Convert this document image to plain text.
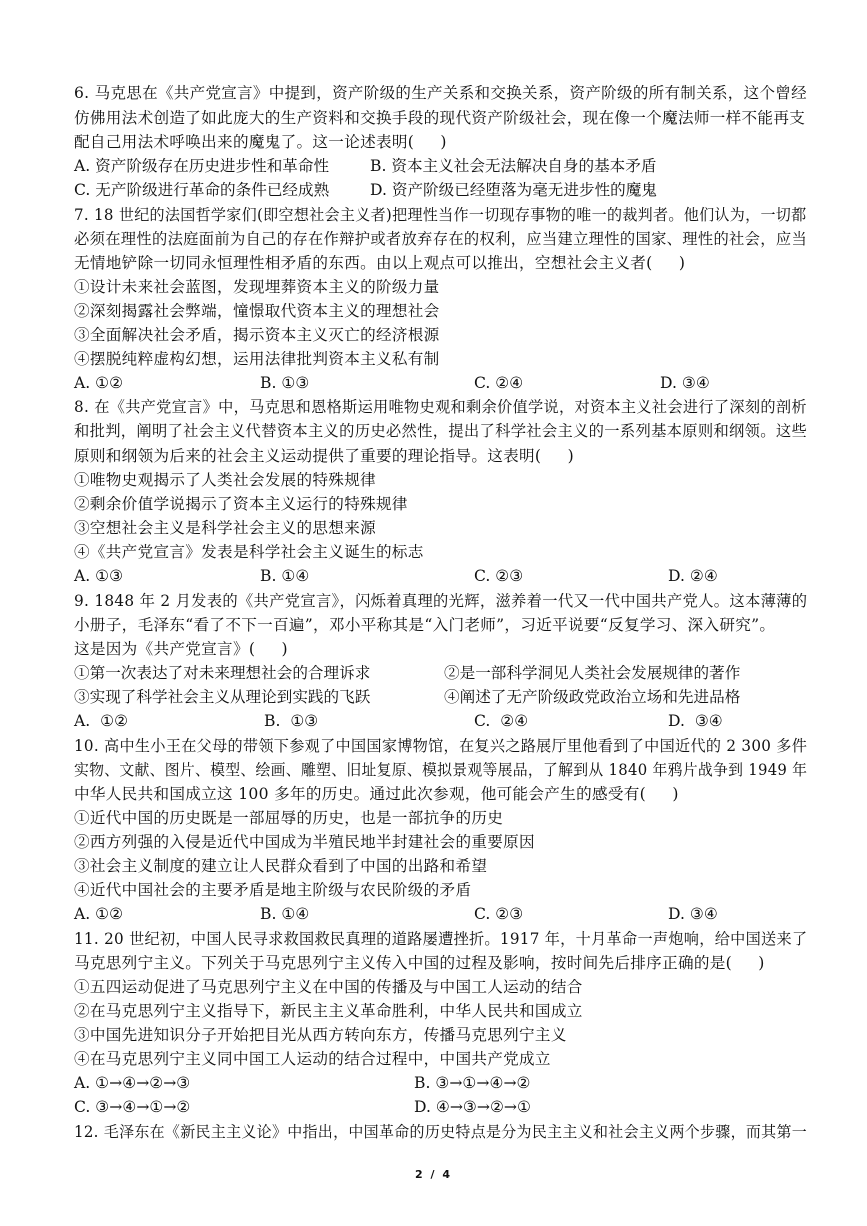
6. 马克思在《共产党宣言》中提到，资产阶级的生产关系和交换关系，资产阶级的所有制关系，这个曾经
仿佛用法术创造了如此庞大的生产资料和交换手段的现代资产阶级社会，现在像一个魔法师一样不能再支
配自己用法术呼唤出来的魔鬼了。这一论述表明(     )
A. 资产阶级存在历史进步性和革命性	B. 资本主义社会无法解决自身的基本矛盾
C. 无产阶级进行革命的条件已经成熟	D. 资产阶级已经堕落为毫无进步性的魔鬼
7. 18 世纪的法国哲学家们(即空想社会主义者)把理性当作一切现存事物的唯一的裁判者。他们认为，一切都
必须在理性的法庭面前为自己的存在作辩护或者放弃存在的权利，应当建立理性的国家、理性的社会，应当
无情地铲除一切同永恒理性相矛盾的东西。由以上观点可以推出，空想社会主义者(     )
①设计未来社会蓝图，发现埋葬资本主义的阶级力量
②深刻揭露社会弊端，憧憬取代资本主义的理想社会
③全面解决社会矛盾，揭示资本主义灭亡的经济根源
④摆脱纯粹虚构幻想，运用法律批判资本主义私有制
A. ①②	B. ①③	C. ②④	D. ③④
8. 在《共产党宣言》中，马克思和恩格斯运用唯物史观和剩余价值学说，对资本主义社会进行了深刻的剖析
和批判，阐明了社会主义代替资本主义的历史必然性，提出了科学社会主义的一系列基本原则和纲领。这些
原则和纲领为后来的社会主义运动提供了重要的理论指导。这表明(     )
①唯物史观揭示了人类社会发展的特殊规律
②剩余价值学说揭示了资本主义运行的特殊规律
③空想社会主义是科学社会主义的思想来源
④《共产党宣言》发表是科学社会主义诞生的标志
A. ①③	B. ①④	C. ②③	D. ②④
9. 1848 年 2 月发表的《共产党宣言》，闪烁着真理的光辉，滋养着一代又一代中国共产党人。这本薄薄的
小册子，毛泽东“看了不下一百遍”，邓小平称其是“入门老师”，习近平说要“反复学习、深入研究”。
这是因为《共产党宣言》(     )
①第一次表达了对未来理想社会的合理诉求	②是一部科学洞见人类社会发展规律的著作
③实现了科学社会主义从理论到实践的飞跃	④阐述了无产阶级政党政治立场和先进品格
A.  ①②	B.  ①③	C.  ②④	D.  ③④
10. 高中生小王在父母的带领下参观了中国国家博物馆，在复兴之路展厅里他看到了中国近代的 2 300 多件
实物、文献、图片、模型、绘画、雕塑、旧址复原、模拟景观等展品，了解到从 1840 年鸦片战争到 1949 年
中华人民共和国成立这 100 多年的历史。通过此次参观，他可能会产生的感受有(     )
①近代中国的历史既是一部屈辱的历史，也是一部抗争的历史
②西方列强的入侵是近代中国成为半殖民地半封建社会的重要原因
③社会主义制度的建立让人民群众看到了中国的出路和希望
④近代中国社会的主要矛盾是地主阶级与农民阶级的矛盾
A. ①②	B. ①④	C. ②③	D. ③④
11. 20 世纪初，中国人民寻求救国救民真理的道路屡遭挫折。1917 年，十月革命一声炮响，给中国送来了
马克思列宁主义。下列关于马克思列宁主义传入中国的过程及影响，按时间先后排序正确的是(     )
①五四运动促进了马克思列宁主义在中国的传播及与中国工人运动的结合
②在马克思列宁主义指导下，新民主主义革命胜利，中华人民共和国成立
③中国先进知识分子开始把目光从西方转向东方，传播马克思列宁主义
④在马克思列宁主义同中国工人运动的结合过程中，中国共产党成立
A. ①→④→②→③	B. ③→①→④→②
C. ③→④→①→②	D. ④→③→②→①
12. 毛泽东在《新民主主义论》中指出，中国革命的历史特点是分为民主主义和社会主义两个步骤，而其第一
2 / 4
